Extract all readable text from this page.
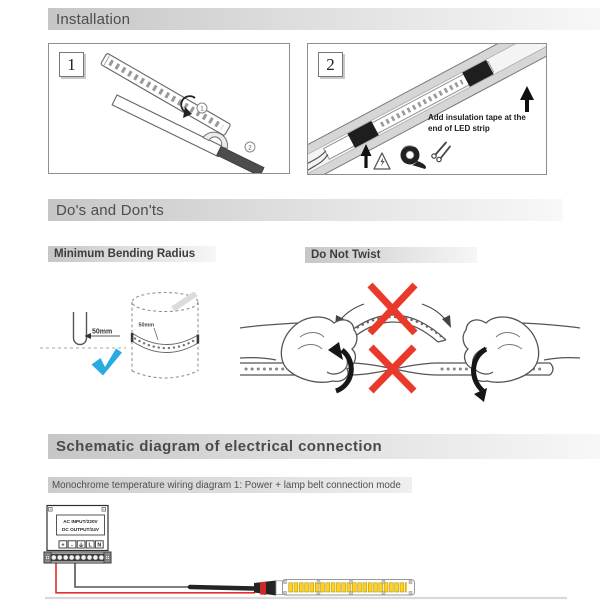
Installation
1
1
2
2
Add insulation tape at the
end of LED strip
Do's and Don'ts
Minimum Bending Radius	Do Not Twist
50mm
50mm
Schematic diagram of electrical connection
Monochrome temperature wiring diagram 1: Power + lamp belt connection mode
AC INPUT/220V
DC OUTPUT/24V
+ -	L N
